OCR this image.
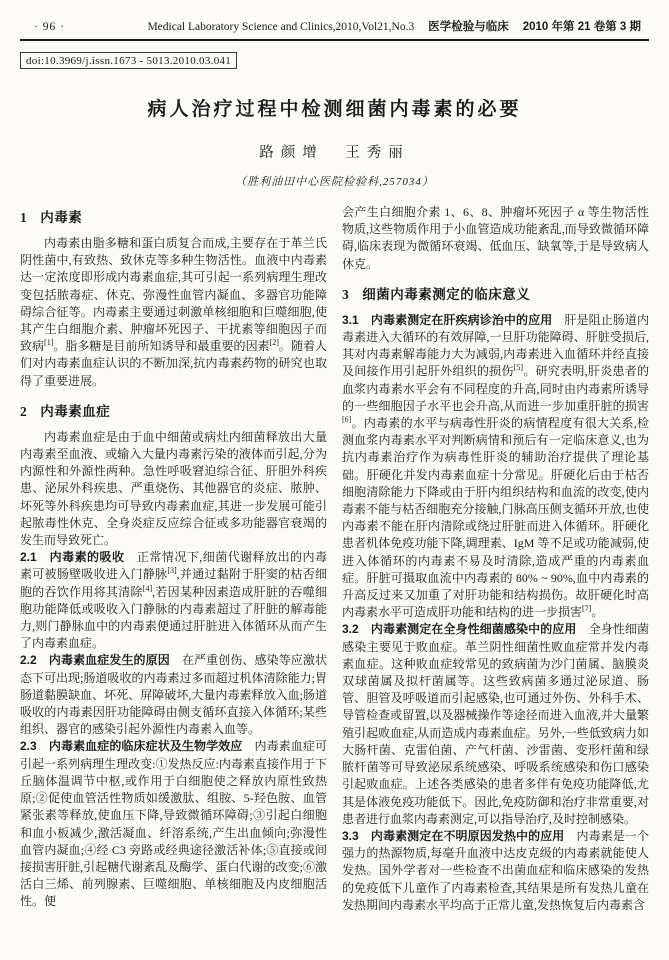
· 96 ·	Medical Laboratory Science and Clinics,2010,Vol21,No.3 医学检验与临床 2010 年第 21 卷第 3 期
doi:10.3969/j.issn.1673 - 5013.2010.03.041
病人治疗过程中检测细菌内毒素的必要
路颜增　王秀丽
（胜利油田中心医院检验科,257034）
1 内毒素

内毒素由脂多糖和蛋白质复合而成,主要存在于革兰氏阴性菌中,有致热、致休克等多种生物活性。血液中内毒素达一定浓度即形成内毒素血症,其可引起一系列病理生理改变包括脓毒症、休克、弥漫性血管内凝血、多器官功能障碍综合征等。内毒素主要通过刺激单核细胞和巨噬细胞,使其产生白细胞介素、肿瘤坏死因子、干扰素等细胞因子而致病[1]。脂多糖是目前所知诱导和最重要的因素[2]。随着人们对内毒素血症认识的不断加深,抗内毒素药物的研究也取得了重要进展。

2 内毒素血症

内毒素血症是由于血中细菌或病灶内细菌释放出大量内毒素至血液、或输入大量内毒素污染的液体而引起,分为内源性和外源性两种。急性呼吸窘迫综合征、肝胆外科疾患、泌尿外科疾患、严重烧伤、其他器官的炎症、脓肿、坏死等外科疾患均可导致内毒素血症,其进一步发展可能引起脓毒性休克、全身炎症反应综合征或多功能器官衰竭的发生而导致死亡。

2.1　内毒素的吸收　正常情况下,细菌代谢释放出的内毒素可被肠壁吸收进入门静脉[3],并通过黏附于肝窦的枯否细胞的吞饮作用将其清除[4],若因某种因素造成肝脏的吞噬细胞功能降低或吸收入门静脉的内毒素超过了肝脏的解毒能力,则门静脉血中的内毒素便通过肝脏进入体循环从而产生了内毒素血症。

2.2　内毒素血症发生的原因　在严重创伤、感染等应激状态下可出现;肠道吸收的内毒素过多而超过机体清除能力;胃肠道黏膜缺血、坏死、屏障破坏,大量内毒素释放入血;肠道吸收的内毒素因肝功能障碍由侧支循环直接入体循环;某些组织、器官的感染引起外源性内毒素入血等。

2.3　内毒素血症的临床症状及生物学效应　内毒素血症可引起一系列病理生理改变:①发热反应:内毒素直接作用于下丘脑体温调节中枢,或作用于白细胞使之释放内原性致热原;②促使血管活性物质如缓激肽、组胺、5-羟色胺、血管紧张素等释放,使血压下降,导致微循环障碍;③引起白细胞和血小板减少,激活凝血、纤溶系统,产生出血倾向;弥漫性血管内凝血;④经 C3 旁路或经典途径激活补体;⑤直接或间接损害肝脏,引起糖代谢紊乱及酶学、蛋白代谢的改变;⑥激活白三烯、前列腺素、巨噬细胞、单核细胞及内皮细胞活性。便

会产生白细胞介素 1、6、8、肿瘤坏死因子 α 等生物活性物质,这些物质作用于小血管造成功能紊乱,而导致微循环障碍,临床表现为微循环衰竭、低血压、缺氧等,于是导致病人休克。

3 细菌内毒素测定的临床意义

3.1　内毒素测定在肝疾病诊治中的应用　肝是阻止肠道内毒素进入大循环的有效屏障,一旦肝功能障碍、肝脏受损后,其对内毒素解毒能力大为减弱,内毒素进入血循环并经直接及间接作用引起肝外组织的损伤[5]。研究表明,肝炎患者的血浆内毒素水平会有不同程度的升高,同时由内毒素所诱导的一些细胞因子水平也会升高,从而进一步加重肝脏的损害[6]。内毒素的水平与病毒性肝炎的病情程度有很大关系,检测血浆内毒素水平对判断病情和预后有一定临床意义,也为抗内毒素治疗作为病毒性肝炎的辅助治疗提供了理论基础。肝硬化并发内毒素血症十分常见。肝硬化后由于枯否细胞清除能力下降或由于肝内组织结构和血流的改变,使内毒素不能与枯否细胞充分接触,门脉高压侧支循环开放,也使内毒素不能在肝内清除或绕过肝脏而进入体循环。肝硬化患者机体免疫功能下降,调理素、IgM 等不足或功能减弱,使进入体循环的内毒素不易及时清除,造成严重的内毒素血症。肝脏可摄取血流中内毒素的 80% ~ 90%,血中内毒素的升高反过来又加重了对肝功能和结构损伤。故肝硬化时高内毒素水平可造成肝功能和结构的进一步损害[7]。

3.2　内毒素测定在全身性细菌感染中的应用　全身性细菌感染主要见于败血症。革兰阴性细菌性败血症常并发内毒素血症。这种败血症较常见的致病菌为沙门菌属、脑膜炎双球菌属及拟杆菌属等。这些致病菌多通过泌尿道、肠管、胆管及呼吸道而引起感染,也可通过外伤、外科手术、导管检查或留置,以及器械操作等途径而进入血液,并大量繁殖引起败血症,从而造成内毒素血症。另外,一些低致病力如大肠杆菌、克雷伯菌、产气杆菌、沙雷菌、变形杆菌和绿脓杆菌等可导致泌尿系统感染、呼吸系统感染和伤口感染引起败血症。上述各类感染的患者多伴有免疫功能降低,尤其是体液免疫功能低下。因此,免疫防御和治疗非常重要,对患者进行血浆内毒素测定,可以指导治疗,及时控制感染。

3.3　内毒素测定在不明原因发热中的应用　内毒素是一个强力的热源物质,每毫升血液中达皮克级的内毒素就能使人发热。国外学者对一些检查不出菌血症和临床感染的发热的免疫低下儿童作了内毒素检查,其结果是所有发热儿童在发热期间内毒素水平均高于正常儿童,发热恢复后内毒素含
